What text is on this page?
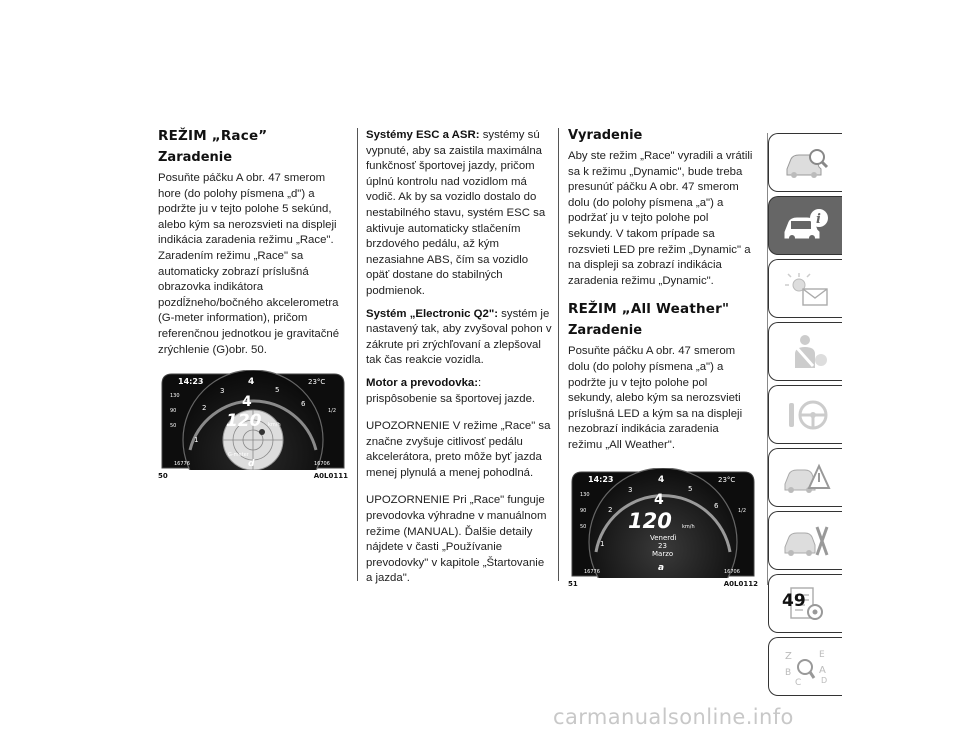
REŽIM „Race”
Zaradenie
Posuňte páčku A obr. 47 smerom hore (do polohy písmena „d") a podržte ju v tejto polohe 5 sekúnd, alebo kým sa nerozsvieti na displeji indikácia zaradenia režimu „Race". Zaradením režimu „Race" sa automaticky zobrazí príslušná obrazovka indikátora pozdĺžneho/bočného akcelerometra (G-meter information), pričom referenčnou jednotkou je gravitačné zrýchlenie (G)obr. 50.
14:23	23°C
4
5
3
6
2
1
130
90
50
1/2
4
120 km/h
G-meter
d
16776	16706
50	A0L0111
Systémy ESC a ASR: systémy sú vypnuté, aby sa zaistila maximálna funkčnosť športovej jazdy, pričom úplnú kontrolu nad vozidlom má vodič. Ak by sa vozidlo dostalo do nestabilného stavu, systém ESC sa aktivuje automaticky stlačením brzdového pedálu, až kým nezasiahne ABS, čím sa vozidlo opäť dostane do stabilných podmienok.
Systém „Electronic Q2": systém je nastavený tak, aby zvyšoval pohon v zákrute pri zrýchľovaní a zlepšoval tak čas reakcie vozidla.
Motor a prevodovka:: prispôsobenie sa športovej jazde.
UPOZORNENIE V režime „Race" sa značne zvyšuje citlivosť pedálu akcelerátora, preto môže byť jazda menej plynulá a menej pohodlná.
UPOZORNENIE Pri „Race" funguje prevodovka výhradne v manuálnom režime (MANUAL). Ďalšie detaily nájdete v časti „Používanie prevodovky" v kapitole „Štartovanie a jazda".
Vyradenie
Aby ste režim „Race" vyradili a vrátili sa k režimu „Dynamic", bude treba presunúť páčku A obr. 47 smerom dolu (do polohy písmena „a") a podržať ju v tejto polohe pol sekundy. V takom prípade sa rozsvieti LED pre režim „Dynamic" a na displeji sa zobrazí indikácia zaradenia režimu „Dynamic".
REŽIM „All Weather"
Zaradenie
Posuňte páčku A obr. 47 smerom dolu (do polohy písmena „a") a podržte ju v tejto polohe pol sekundy, alebo kým sa nerozsvieti príslušná LED a kým sa na displeji nezobrazí indikácia zaradenia režimu „All Weather".
14:23	23°C
4
5
3
6
2
1
130
90
50
1/2
4
120 km/h
Venerdì
23
Marzo
a
16776	16706
51	A0L0112
i
Z	E
B	A
C D
49
carmanualsonline.info
